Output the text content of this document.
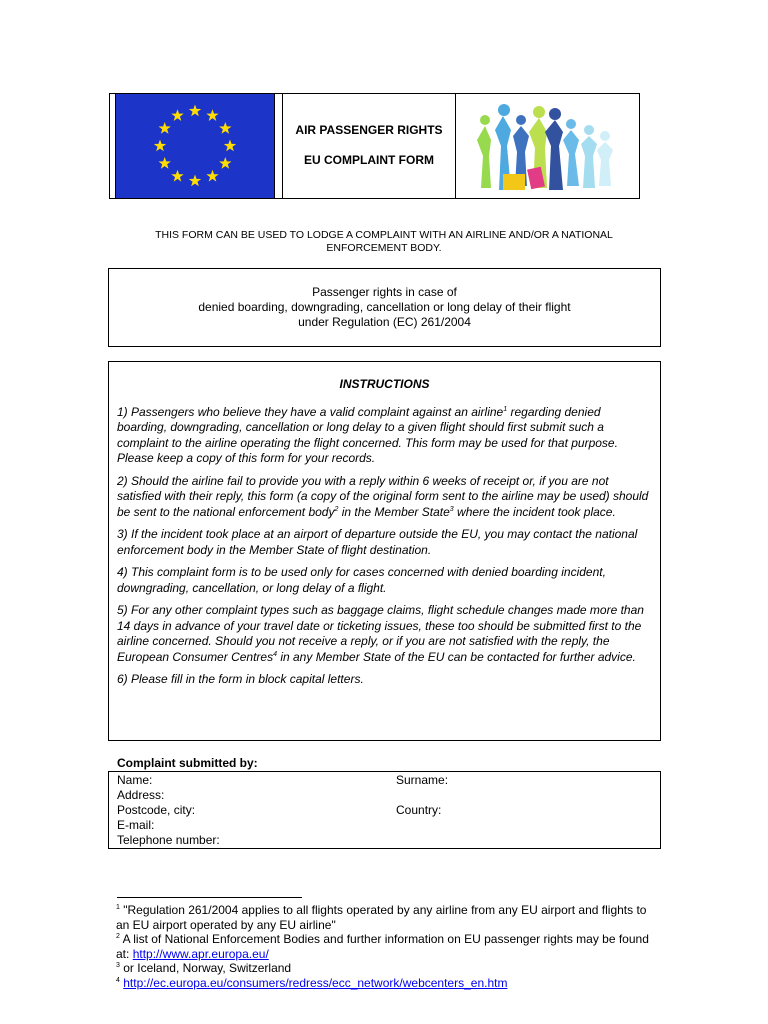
AIR PASSENGER RIGHTS
EU COMPLAINT FORM
THIS FORM CAN BE USED TO LODGE A COMPLAINT WITH AN AIRLINE AND/OR A NATIONAL ENFORCEMENT BODY.
Passenger rights in case of
denied boarding, downgrading, cancellation or long delay of their flight
under Regulation (EC) 261/2004
INSTRUCTIONS

1) Passengers who believe they have a valid complaint against an airline$^1$ regarding denied boarding, downgrading, cancellation or long delay to a given flight should first submit such a complaint to the airline operating the flight concerned. This form may be used for that purpose. Please keep a copy of this form for your records.

2) Should the airline fail to provide you with a reply within 6 weeks of receipt or, if you are not satisfied with their reply, this form (a copy of the original form sent to the airline may be used) should be sent to the national enforcement body$^2$ in the Member State$^3$ where the incident took place.

3) If the incident took place at an airport of departure outside the EU, you may contact the national enforcement body in the Member State of flight destination.

4) This complaint form is to be used only for cases concerned with denied boarding incident, downgrading, cancellation, or long delay of a flight.

5) For any other complaint types such as baggage claims, flight schedule changes made more than 14 days in advance of your travel date or ticketing issues, these too should be submitted first to the airline concerned. Should you not receive a reply, or if you are not satisfied with the reply, the European Consumer Centres$^4$ in any Member State of the EU can be contacted for further advice.

6) Please fill in the form in block capital letters.

Complaint submitted by:
Name:	Surname:
Address:
Postcode, city:	Country:
E-mail:
Telephone number:

$^1$ "Regulation 261/2004 applies to all flights operated by any airline from any EU airport and flights to an EU airport operated by any EU airline"

$^2$ A list of National Enforcement Bodies and further information on EU passenger rights may be found at: http://www.apr.europa.eu/

$^3$ or Iceland, Norway, Switzerland

$^4$ http://ec.europa.eu/consumers/redress/ecc_network/webcenters_en.htm
